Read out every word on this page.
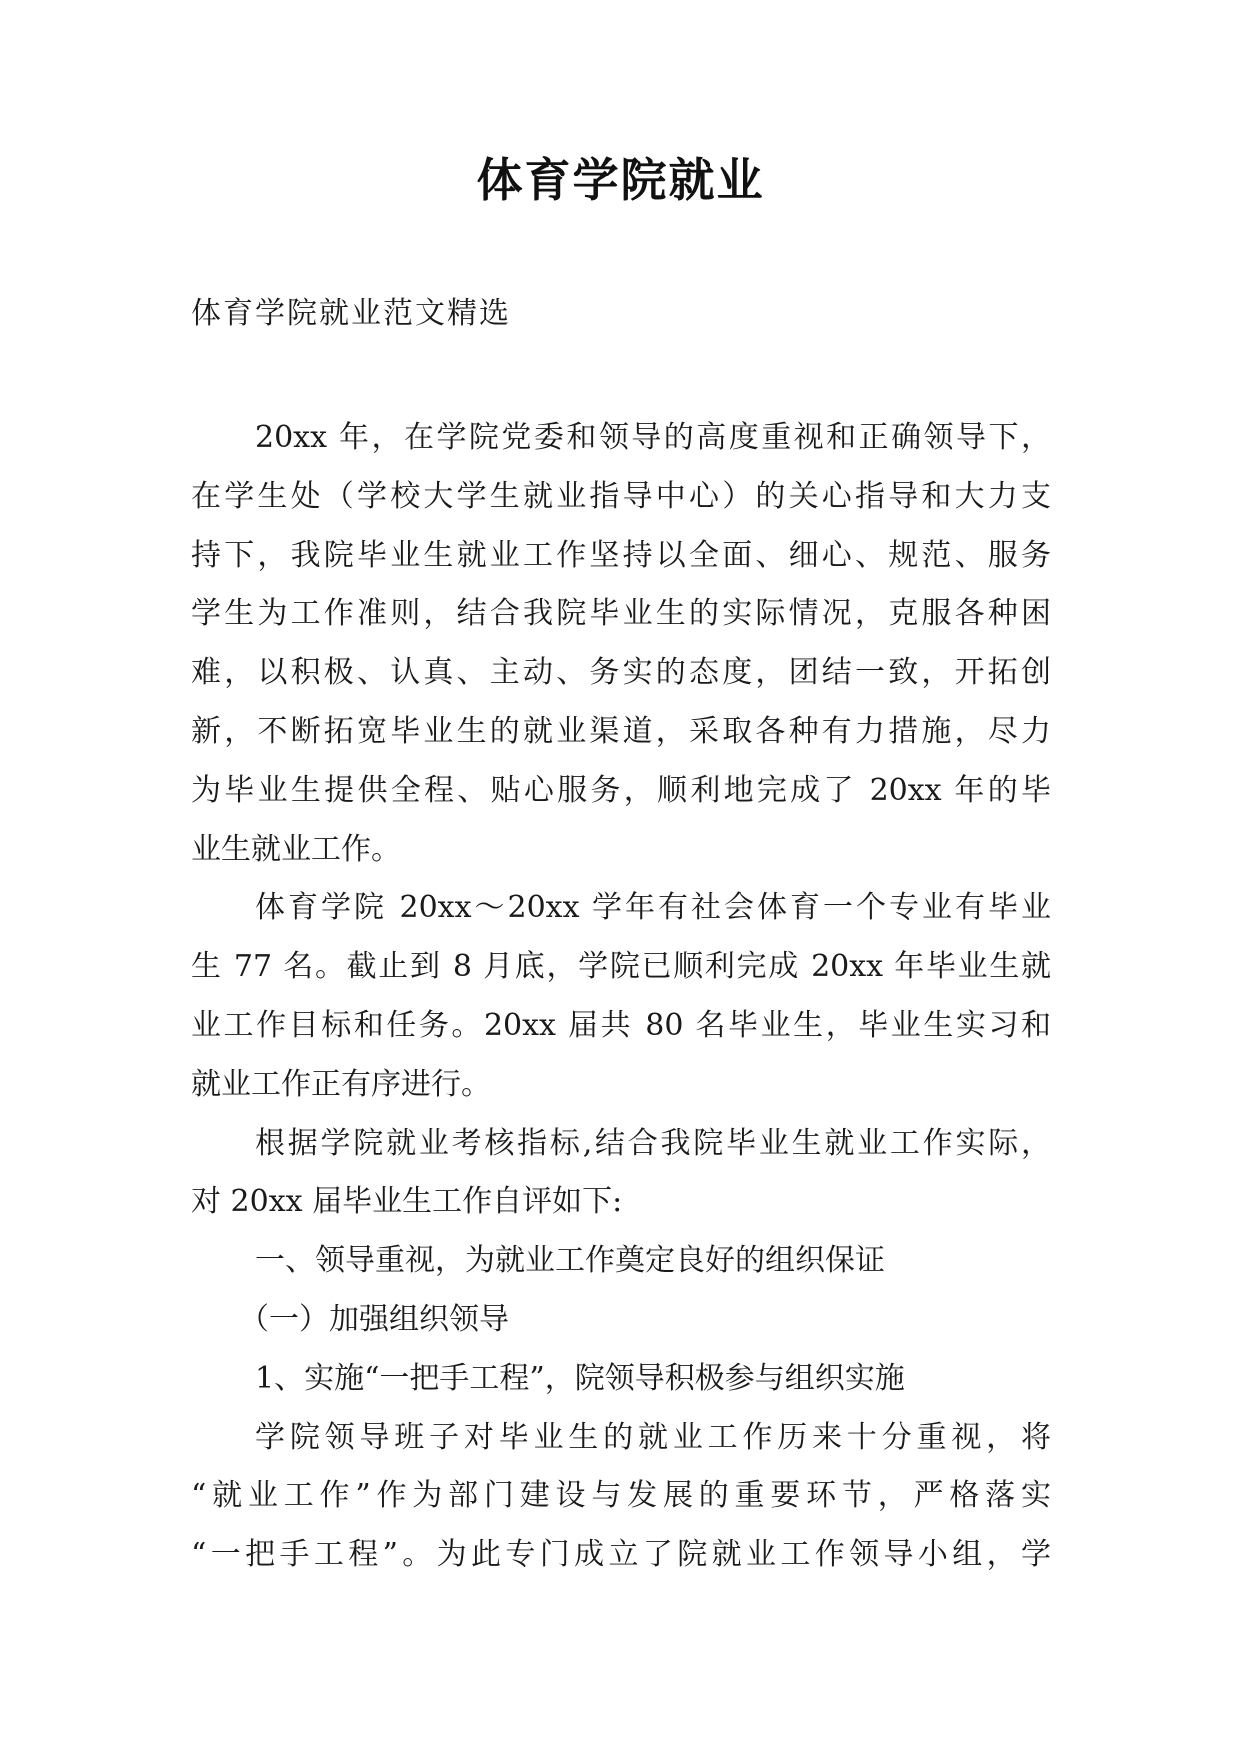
体育学院就业
体育学院就业范文精选
20xx 年，在学院党委和领导的高度重视和正确领导下，
在学生处（学校大学生就业指导中心）的关心指导和大力支
持下，我院毕业生就业工作坚持以全面、细心、规范、服务
学生为工作准则，结合我院毕业生的实际情况，克服各种困
难，以积极、认真、主动、务实的态度，团结一致，开拓创
新，不断拓宽毕业生的就业渠道，采取各种有力措施，尽力
为毕业生提供全程、贴心服务，顺利地完成了 20xx 年的毕
业生就业工作。
体育学院 20xx～20xx 学年有社会体育一个专业有毕业
生 77 名。截止到 8 月底，学院已顺利完成 20xx 年毕业生就
业工作目标和任务。20xx 届共 80 名毕业生，毕业生实习和
就业工作正有序进行。
根据学院就业考核指标,结合我院毕业生就业工作实际，
对 20xx 届毕业生工作自评如下:
一、领导重视，为就业工作奠定良好的组织保证
（一）加强组织领导
1、实施“一把手工程”，院领导积极参与组织实施
学院领导班子对毕业生的就业工作历来十分重视，将
“就业工作”作为部门建设与发展的重要环节，严格落实
“一把手工程”。为此专门成立了院就业工作领导小组，学
